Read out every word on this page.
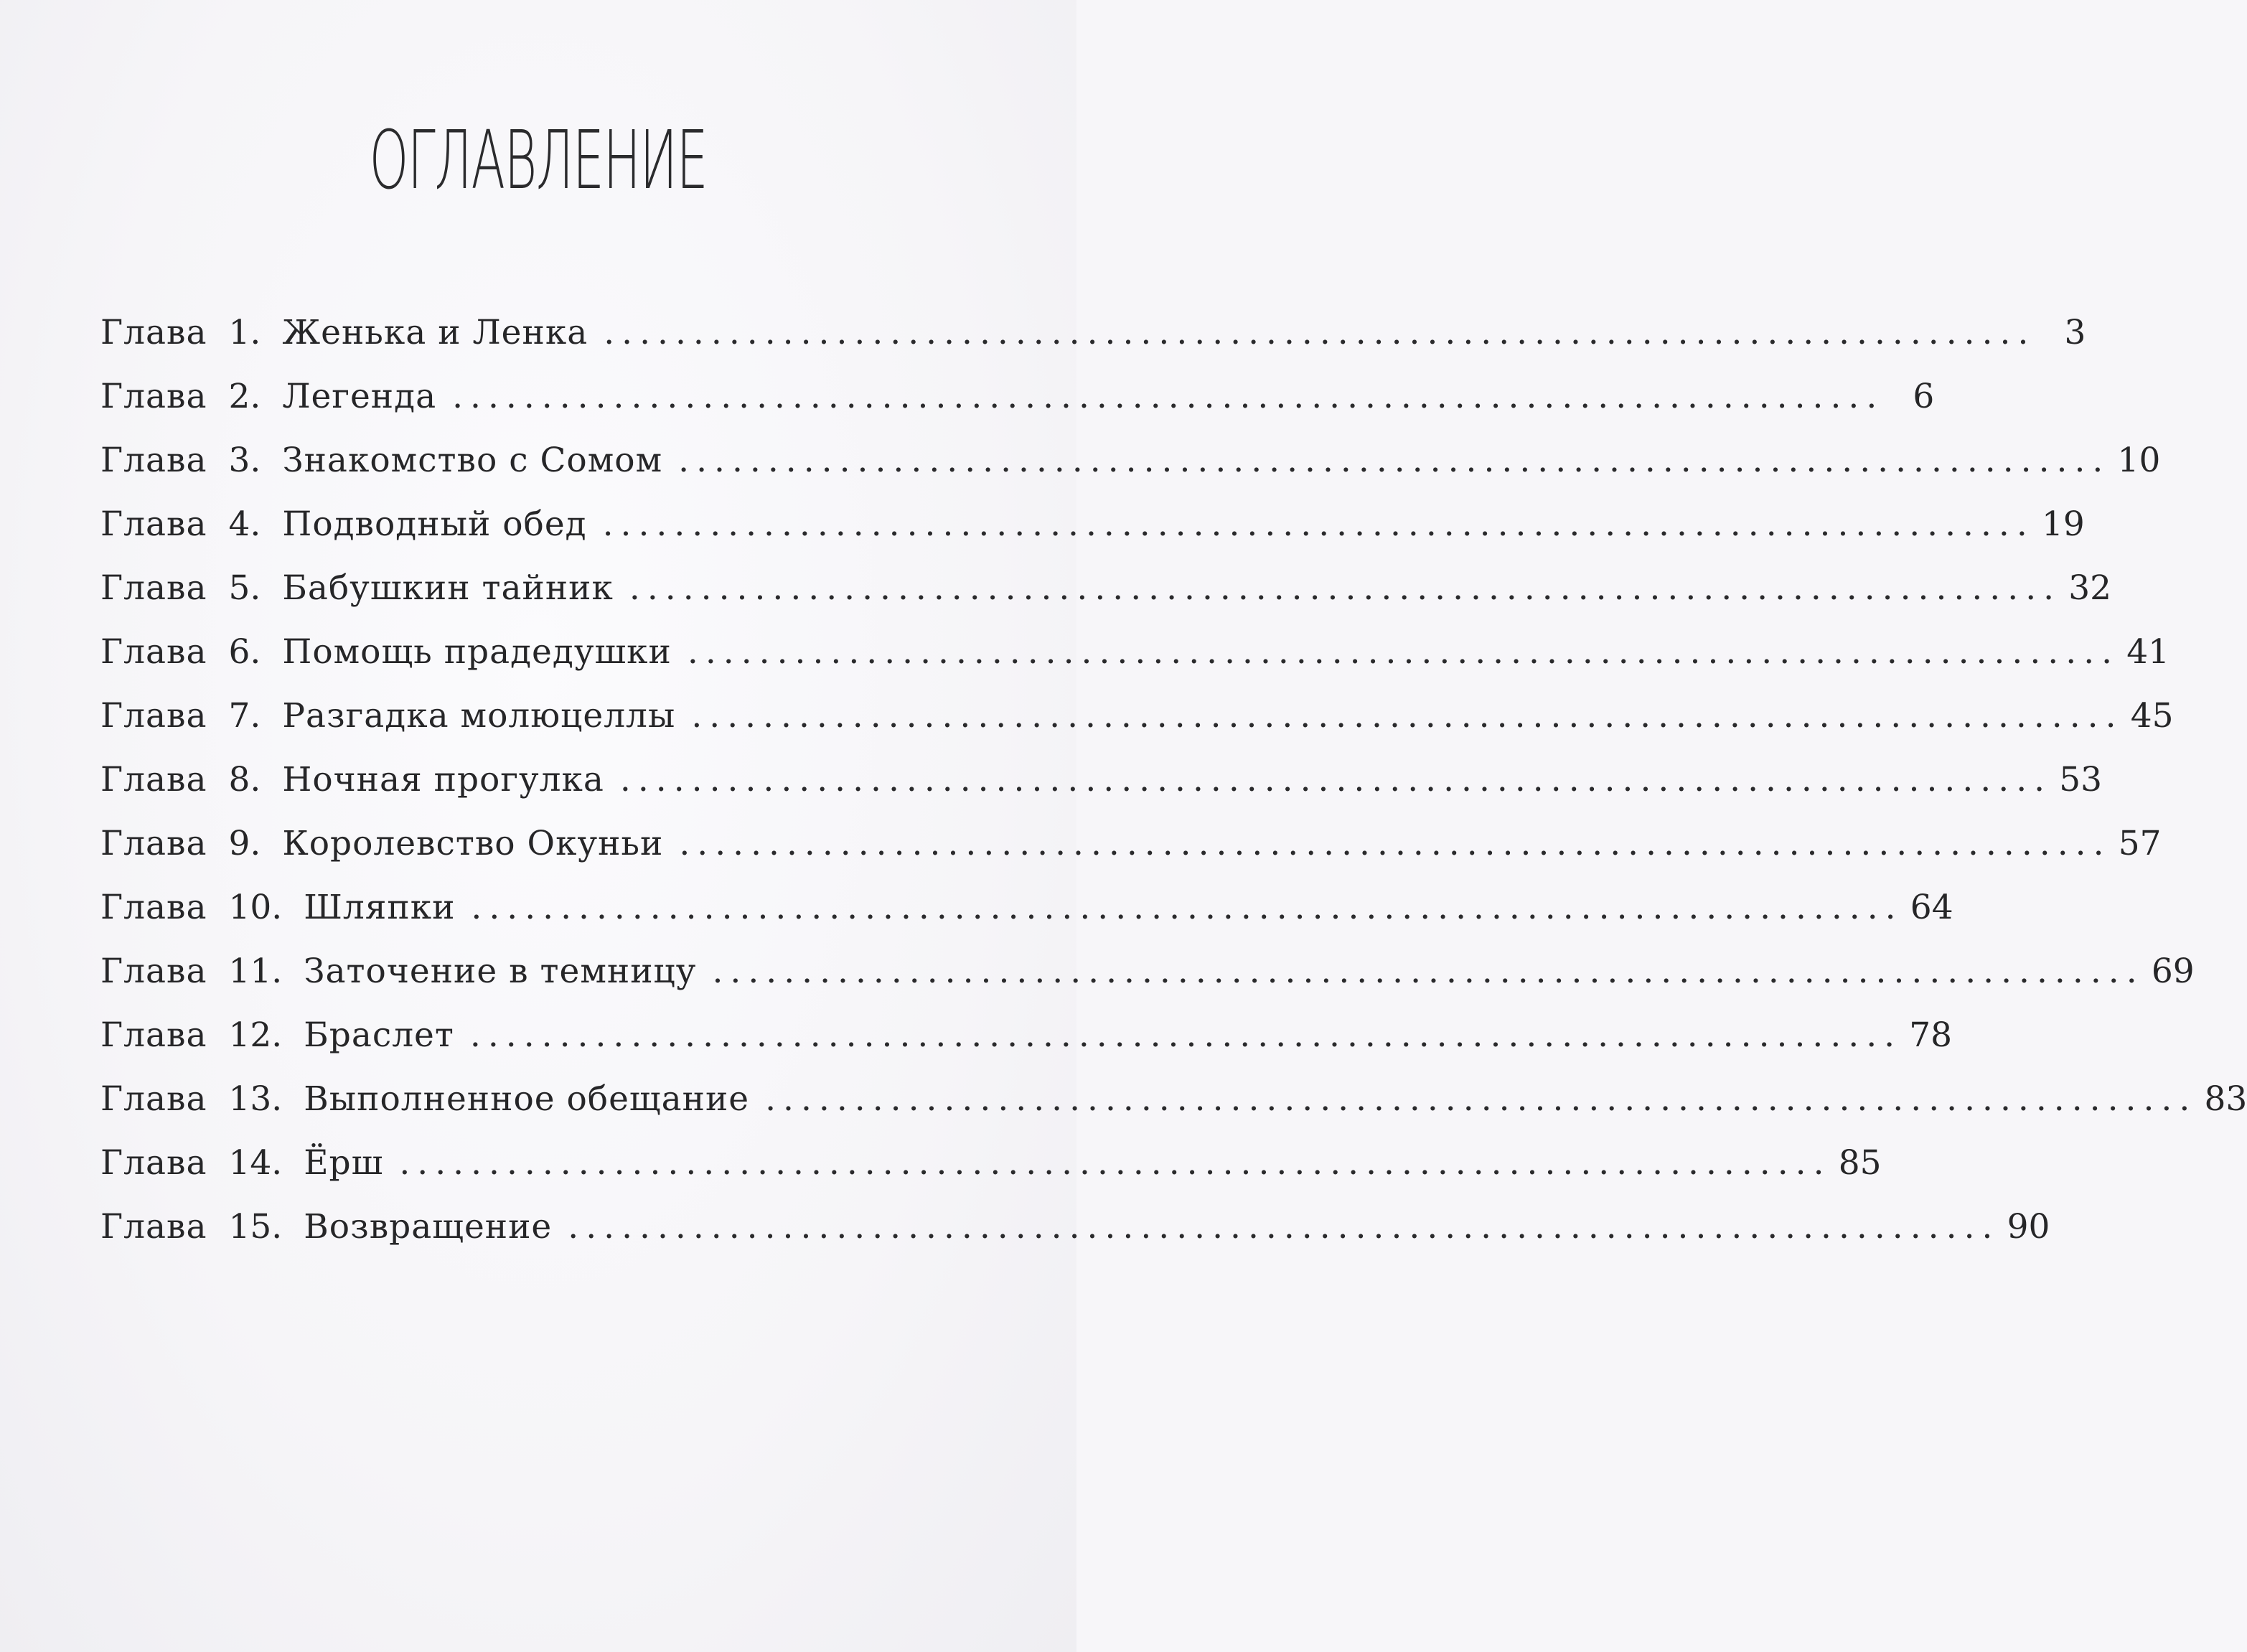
ОГЛАВЛЕНИЕ
Глава 1. Женька и Ленка ................................................................................ 3
Глава 2. Легенда ................................................................................ 6
Глава 3. Знакомство с Сомом ................................................................................ 10
Глава 4. Подводный обед ................................................................................ 19
Глава 5. Бабушкин тайник ................................................................................ 32
Глава 6. Помощь прадедушки ................................................................................ 41
Глава 7. Разгадка молюцеллы ................................................................................ 45
Глава 8. Ночная прогулка ................................................................................ 53
Глава 9. Королевство Окуньи ................................................................................ 57
Глава 10. Шляпки ................................................................................ 64
Глава 11. Заточение в темницу ................................................................................ 69
Глава 12. Браслет ................................................................................ 78
Глава 13. Выполненное обещание ................................................................................ 83
Глава 14. Ёрш ................................................................................ 85
Глава 15. Возвращение ................................................................................ 90
